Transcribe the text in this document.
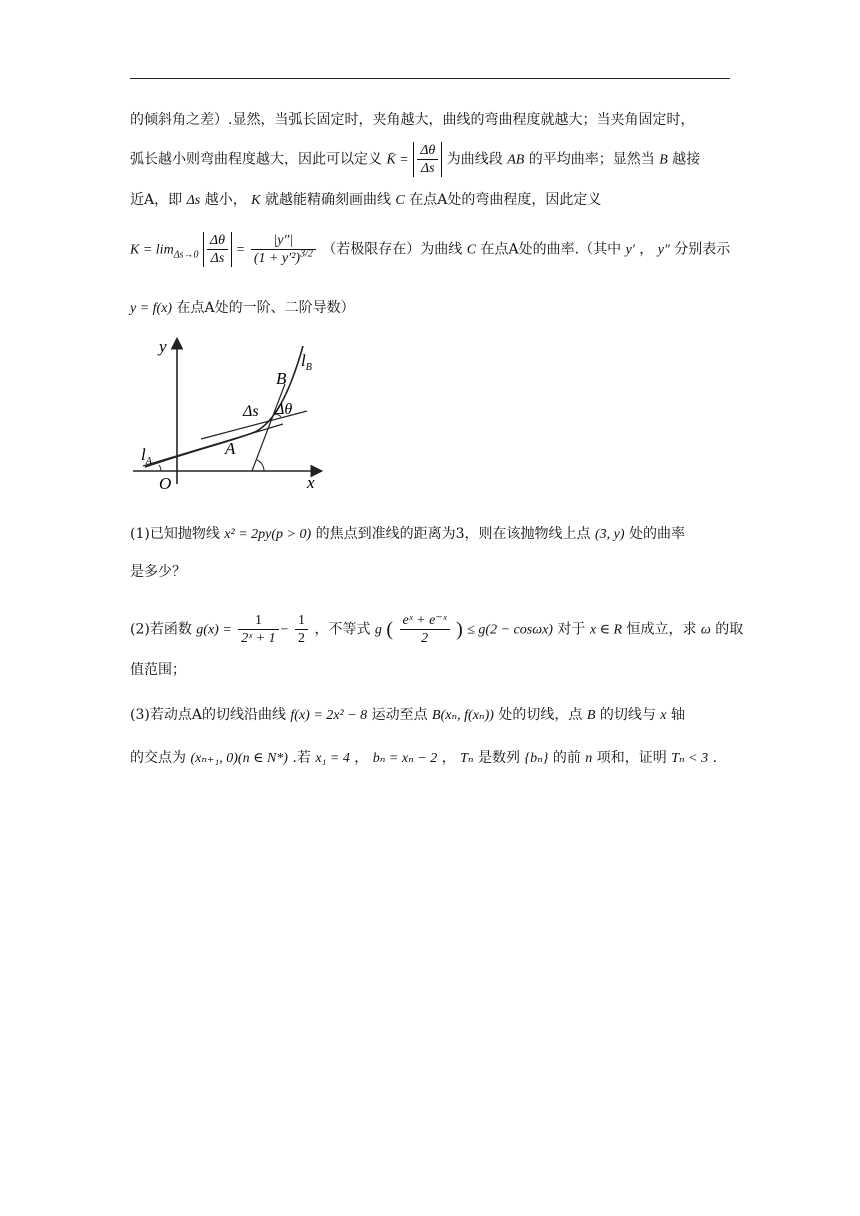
的倾斜角之差）.显然，当弧长固定时，夹角越大，曲线的弯曲程度就越大；当夹角固定时，
弧长越小则弯曲程度越大，因此可以定义 K̄ = $\frac{\Delta\theta}{\Delta s}$ 为曲线段 AB 的平均曲率；显然当 B 越接
近A，即 Δs 越小， K 就越能精确刻画曲线 C 在点A处的弯曲程度，因此定义
$K = \lim_{\Delta s\to 0} \frac{\Delta\theta}{\Delta s} = \frac{|y''|}{(1 + y'^2)^{3/2}}$ （若极限存在）为曲线 C 在点A处的曲率.（其中 y′ ， y″ 分别表示
y = f(x) 在点A处的一阶、二阶导数）
y
x
O
$l_A$
$l_B$
A
B
Δs Δθ
(1)已知抛物线 x² = 2py(p > 0) 的焦点到准线的距离为3，则在该抛物线上点 (3, y) 处的曲率
是多少？
(2)若函数 $g(x) = \frac{1}{\text{2ˣ + 1}} - \frac{1}{2}$ ，不等式 g ( $\frac{\text{eˣ + e⁻ˣ}}{2}$ ) ≤ g(2 − cosωx) 对于 x ∈ R 恒成立，求 ω 的取
值范围；
(3)若动点A的切线沿曲线 f(x) = 2x² − 8 运动至点 B(xₙ, f(xₙ)) 处的切线，点 B 的切线与 x 轴
的交点为 (xₙ₊₁, 0)(n ∈ N*) .若 x₁ = 4 ， bₙ = xₙ − 2 ， Tₙ 是数列 {bₙ} 的前 n 项和，证明 Tₙ < 3 .
